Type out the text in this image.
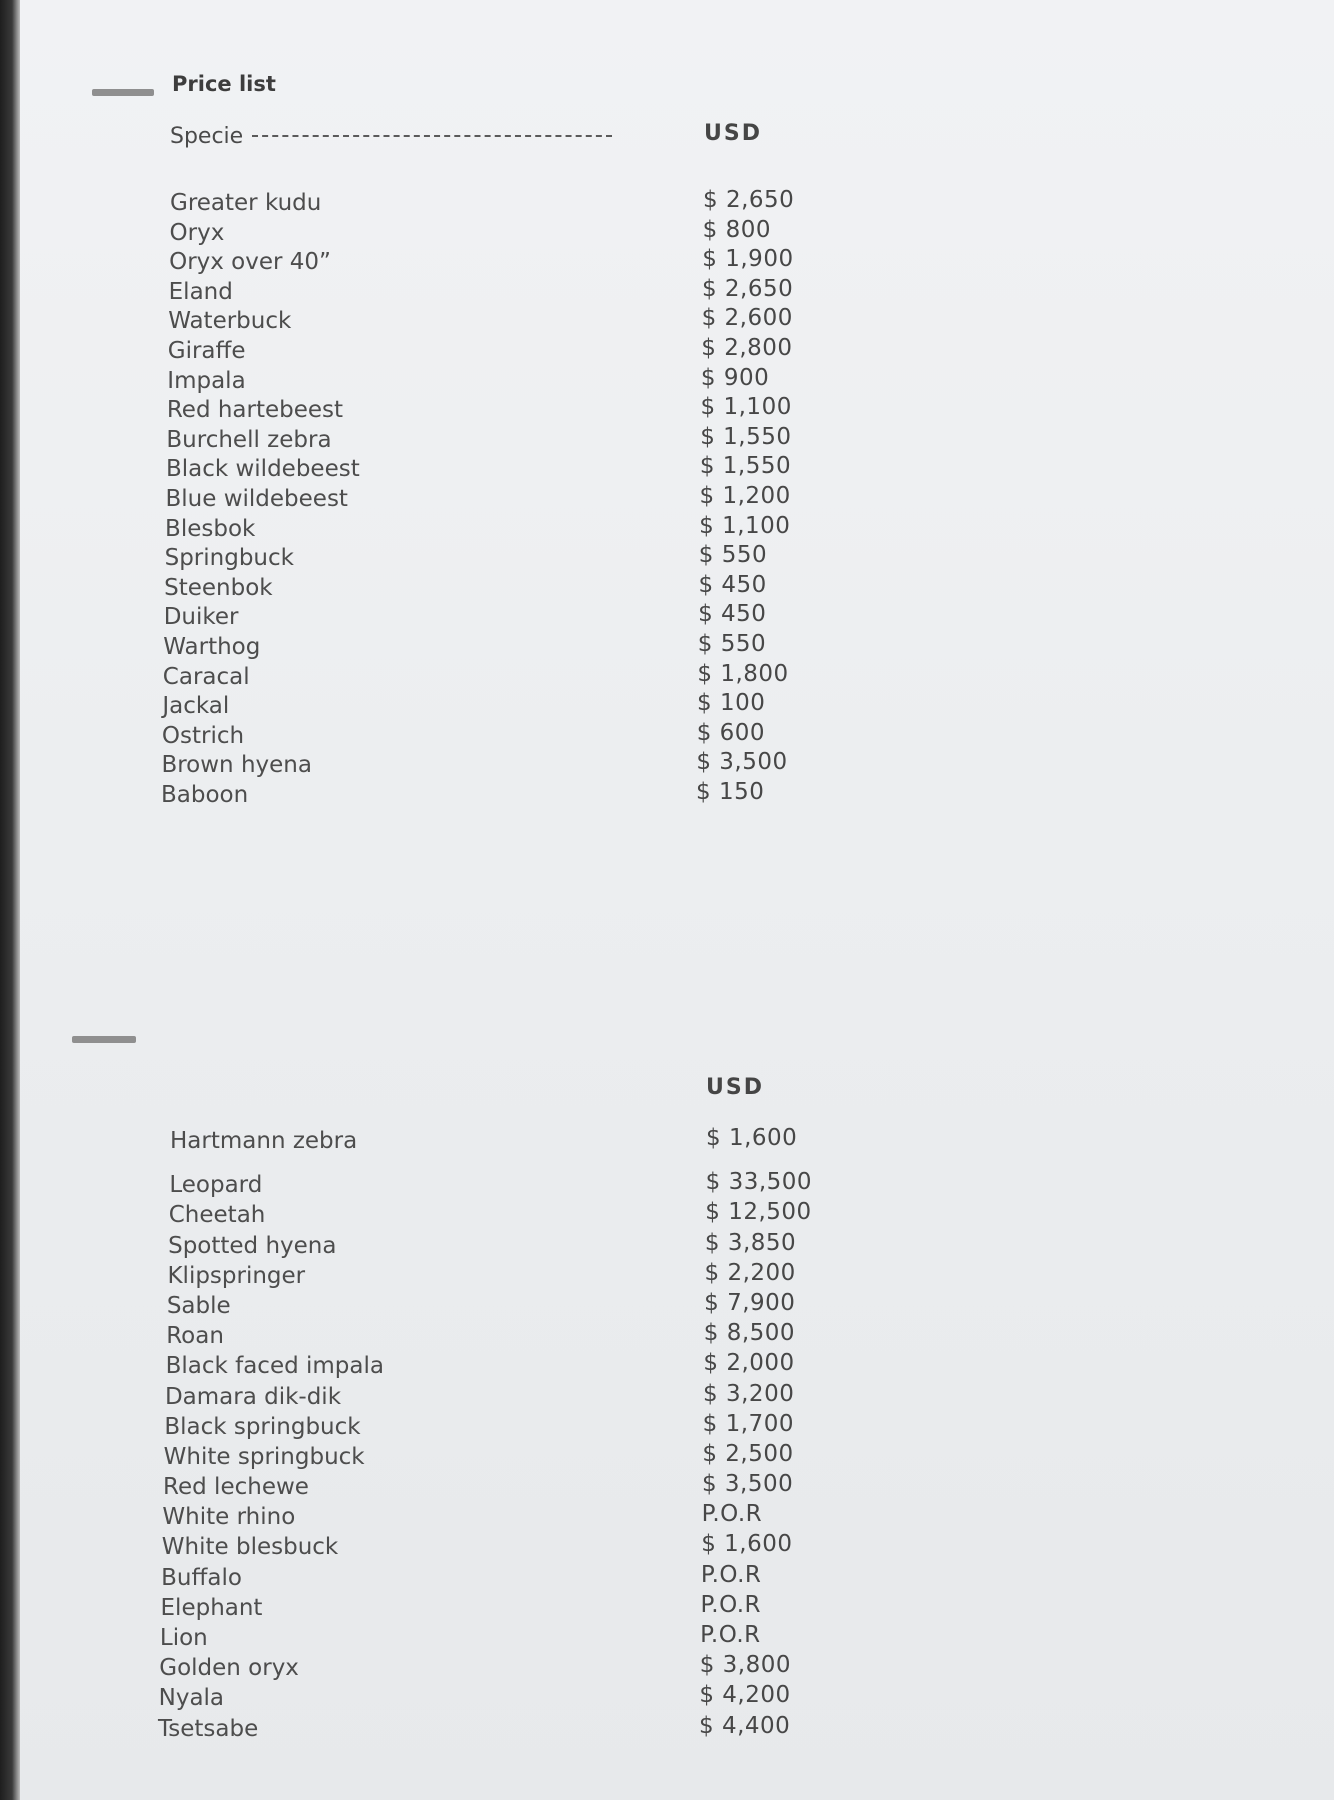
Price list
Specie	USD
Greater kudu	$ 2,650
Oryx	$ 800
Oryx over 40”	$ 1,900
Eland	$ 2,650
Waterbuck	$ 2,600
Giraffe	$ 2,800
Impala	$ 900
Red hartebeest	$ 1,100
Burchell zebra	$ 1,550
Black wildebeest	$ 1,550
Blue wildebeest	$ 1,200
Blesbok	$ 1,100
Springbuck	$ 550
Steenbok	$ 450
Duiker	$ 450
Warthog	$ 550
Caracal	$ 1,800
Jackal	$ 100
Ostrich	$ 600
Brown hyena	$ 3,500
Baboon	$ 150
USD
Hartmann zebra	$ 1,600
Leopard	$ 33,500
Cheetah	$ 12,500
Spotted hyena	$ 3,850
Klipspringer	$ 2,200
Sable	$ 7,900
Roan	$ 8,500
Black faced impala	$ 2,000
Damara dik-dik	$ 3,200
Black springbuck	$ 1,700
White springbuck	$ 2,500
Red lechewe	$ 3,500
White rhino	P.O.R
White blesbuck	$ 1,600
Buffalo	P.O.R
Elephant	P.O.R
Lion	P.O.R
Golden oryx	$ 3,800
Nyala	$ 4,200
Tsetsabe	$ 4,400
